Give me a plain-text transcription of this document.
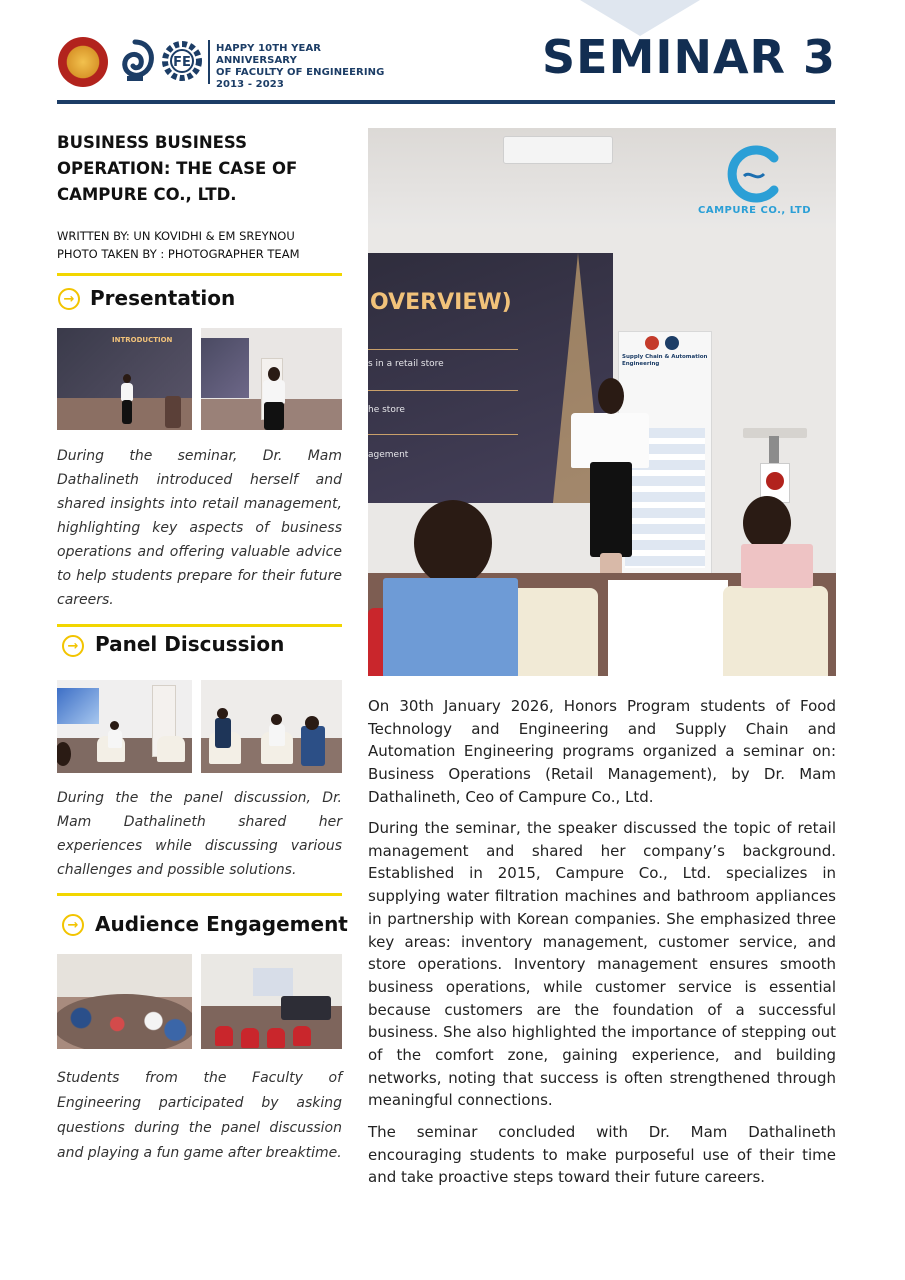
FE
HAPPY 10TH YEAR ANNIVERSARY
OF FACULTY OF ENGINEERING
2013 - 2023
SEMINAR 3
BUSINESS BUSINESS OPERATION: THE CASE OF CAMPURE CO., LTD.
WRITTEN BY: UN KOVIDHI & EM SREYNOU
PHOTO TAKEN BY : PHOTOGRAPHER TEAM
→ Presentation
INTRODUCTION
During the seminar, Dr. Mam Dathalineth introduced herself and shared insights into retail management, highlighting key aspects of business operations and offering valuable advice to help students prepare for their future careers.
→ Panel Discussion
During the the panel discussion, Dr. Mam Dathalineth shared her experiences while discussing various challenges and possible solutions.
→ Audience Engagement
Students from the Faculty of Engineering participated by asking questions during the panel discussion and playing a fun game after breaktime.
OVERVIEW)
s in a retail store
he store
agement
CAMPURE CO., LTD
Supply Chain & Automation Engineering
On 30th January 2026, Honors Program students of Food Technology and Engineering and Supply Chain and Automation Engineering programs organized a seminar on: Business Operations (Retail Management), by Dr. Mam Dathalineth, Ceo of Campure Co., Ltd.
During the seminar, the speaker discussed the topic of retail management and shared her company’s background. Established in 2015, Campure Co., Ltd. specializes in supplying water filtration machines and bathroom appliances in partnership with Korean companies. She emphasized three key areas: inventory management, customer service, and store operations. Inventory management ensures smooth business operations, while customer service is essential because customers are the foundation of a successful business. She also highlighted the importance of stepping out of the comfort zone, gaining experience, and building networks, noting that success is often strengthened through meaningful connections.
The seminar concluded with Dr. Mam Dathalineth encouraging students to make purposeful use of their time and take proactive steps toward their future careers.
